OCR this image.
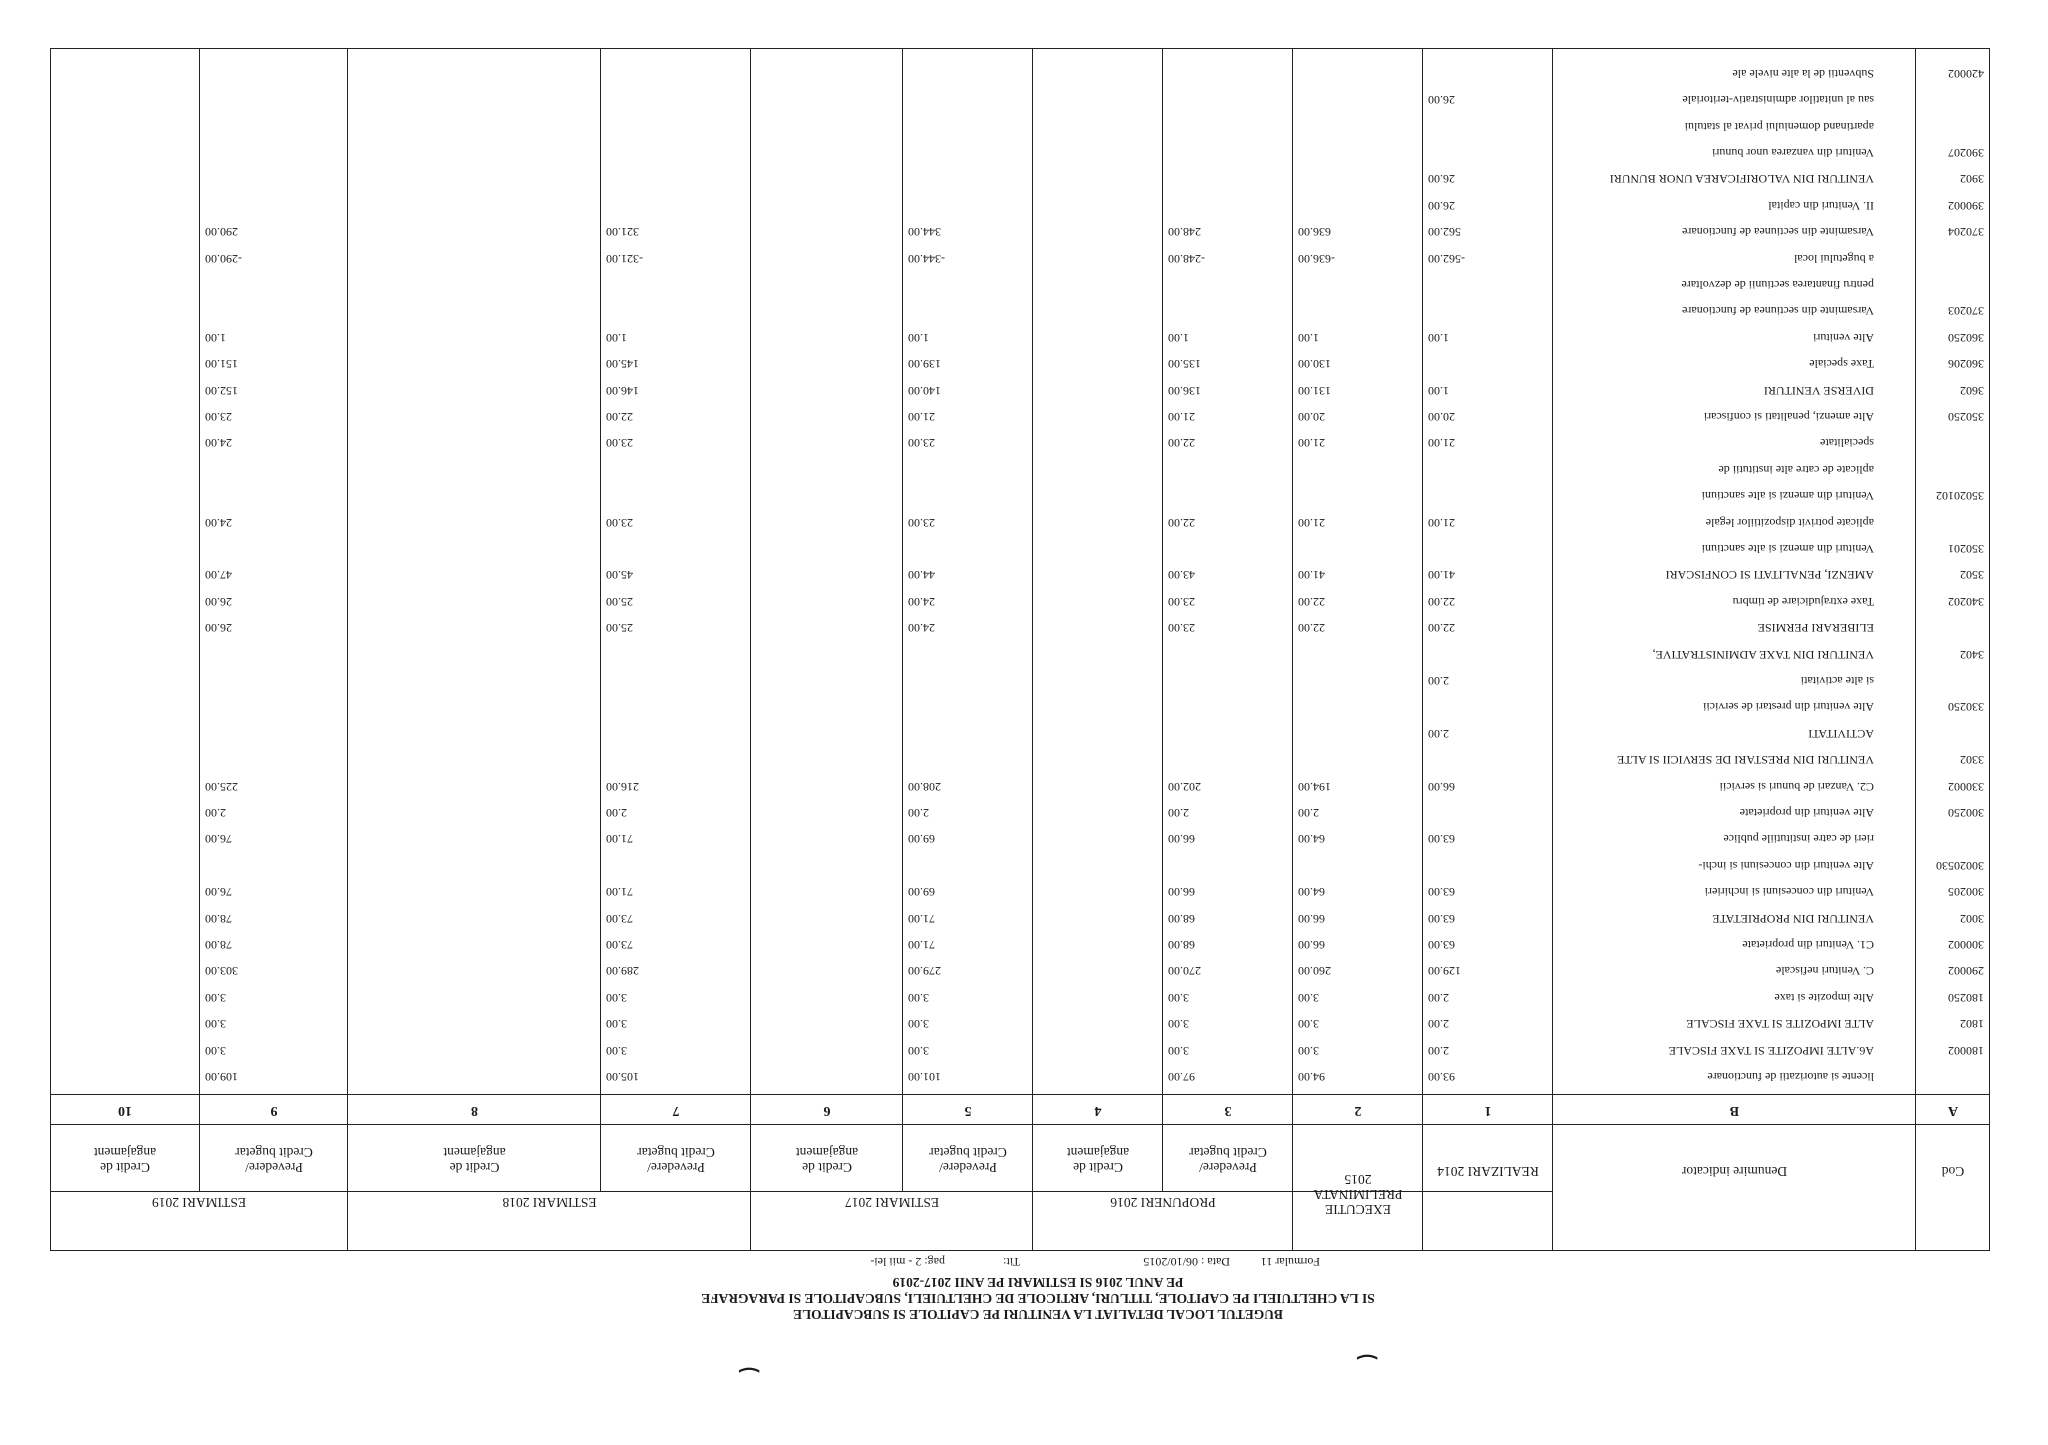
BUGETUL LOCAL DETALIAT LA VENITURI PE CAPITOLE SI SUBCAPITOLE
SI LA CHELTUIELI PE CAPITOLE, TITLURI, ARTICOLE DE CHELTUIELI, SUBCAPITOLE SI PARAGRAFE
PE ANUL 2016 SI ESTIMARI PE ANII 2017-2019
Formular 11
Data : 06/10/2015
Tit:
pag: 2 - mii lei-
‿
‿
Cod
Denumire indicator
REALIZARI 2014
EXECUTIE
PRELIMINATA
2015
PROPUNERI 2016
ESTIMARI 2017
ESTIMARI 2018
ESTIMARI 2019
Prevedere/
Credit bugetar
Credit de
angajament
Prevedere/
Credit bugetar
Credit de
angajament
Prevedere/
Credit bugetar
Credit de
angajament
Prevedere/
Credit bugetar
Credit de
angajament
A
B
1
2
3
4
5
6
7
8
9
10
licente si autorizatii de functionare
93.00
94.00
97.00
101.00
105.00
109.00
180002
A6.ALTE IMPOZITE SI TAXE FISCALE
2.00
3.00
3.00
3.00
3.00
3.00
1802
ALTE IMPOZITE SI TAXE FISCALE
2.00
3.00
3.00
3.00
3.00
3.00
180250
Alte impozite si taxe
2.00
3.00
3.00
3.00
3.00
3.00
290002
C. Venituri nefiscale
129.00
260.00
270.00
279.00
289.00
303.00
300002
C1. Venituri din proprietate
63.00
66.00
68.00
71.00
73.00
78.00
3002
VENITURI DIN PROPRIETATE
63.00
66.00
68.00
71.00
73.00
78.00
300205
Venituri din concesiuni si inchirieri
63.00
64.00
66.00
69.00
71.00
76.00
30020530
Alte venituri din concesiuni si inchi-
rieri de catre institutiile publice
63.00
64.00
66.00
69.00
71.00
76.00
300250
Alte venituri din proprietate
2.00
2.00
2.00
2.00
2.00
330002
C2. Vanzari de bunuri si servicii
66.00
194.00
202.00
208.00
216.00
225.00
3302
VENITURI DIN PRESTARI DE SERVICII SI ALTE
ACTIVITATI
2.00
330250
Alte venituri din prestari de servicii
si alte activitati
2.00
3402
VENITURI DIN TAXE ADMINISTRATIVE,
ELIBERARI PERMISE
22.00
22.00
23.00
24.00
25.00
26.00
340202
Taxe extrajudiciare de timbru
22.00
22.00
23.00
24.00
25.00
26.00
3502
AMENZI, PENALITATI SI CONFISCARI
41.00
41.00
43.00
44.00
45.00
47.00
350201
Venituri din amenzi si alte sanctiuni
aplicate potrivit dispozitiilor legale
21.00
21.00
22.00
23.00
23.00
24.00
35020102
Venituri din amenzi si alte sanctiuni
aplicate de catre alte institutii de
specialitate
21.00
21.00
22.00
23.00
23.00
24.00
350250
Alte amenzi, penalitati si confiscari
20.00
20.00
21.00
21.00
22.00
23.00
3602
DIVERSE VENITURI
1.00
131.00
136.00
140.00
146.00
152.00
360206
Taxe speciale
130.00
135.00
139.00
145.00
151.00
360250
Alte venituri
1.00
1.00
1.00
1.00
1.00
1.00
370203
Varsaminte din sectiunea de functionare
pentru finantarea sectiunii de dezvoltare
a bugetului local
-562.00
-636.00
-248.00
-344.00
-321.00
-290.00
370204
Varsaminte din sectiunea de functionare
562.00
636.00
248.00
344.00
321.00
290.00
390002
II. Venituri din capital
26.00
3902
VENITURI DIN VALORIFICAREA UNOR BUNURI
26.00
390207
Venituri din vanzarea unor bunuri
apartinand domeniului privat al statului
sau al unitatilor administrativ-teritoriale
26.00
420002
Subventii de la alte nivele ale
